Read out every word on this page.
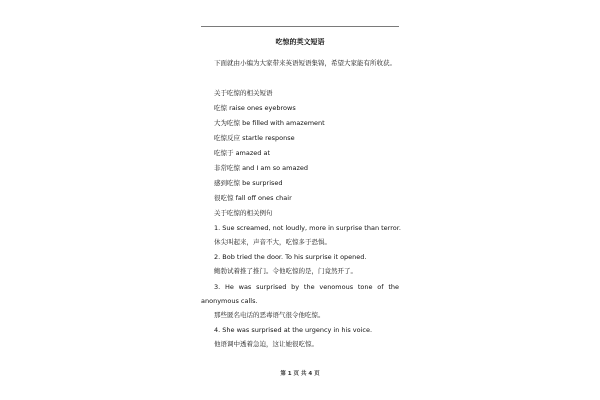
吃惊的英文短语
下面就由小编为大家带来英语短语集锦，希望大家能有所收获。
关于吃惊的相关短语
吃惊 raise ones eyebrows
大为吃惊 be filled with amazement
吃惊反应 startle response
吃惊于 amazed at
非常吃惊 and I am so amazed
感到吃惊 be surprised
很吃惊 fall off ones chair
关于吃惊的相关例句
1. Sue screamed, not loudly, more in surprise than terror.
休尖叫起来，声音不大，吃惊多于恐惧。
2. Bob tried the door. To his surprise it opened.
鲍勃试着推了推门。令他吃惊的是，门竟然开了。
3. He was surprised by the venomous tone of the
anonymous calls.
那些匿名电话的恶毒语气很令他吃惊。
4. She was surprised at the urgency in his voice.
他语调中透着急迫，这让她很吃惊。
第 1 页 共 4 页
